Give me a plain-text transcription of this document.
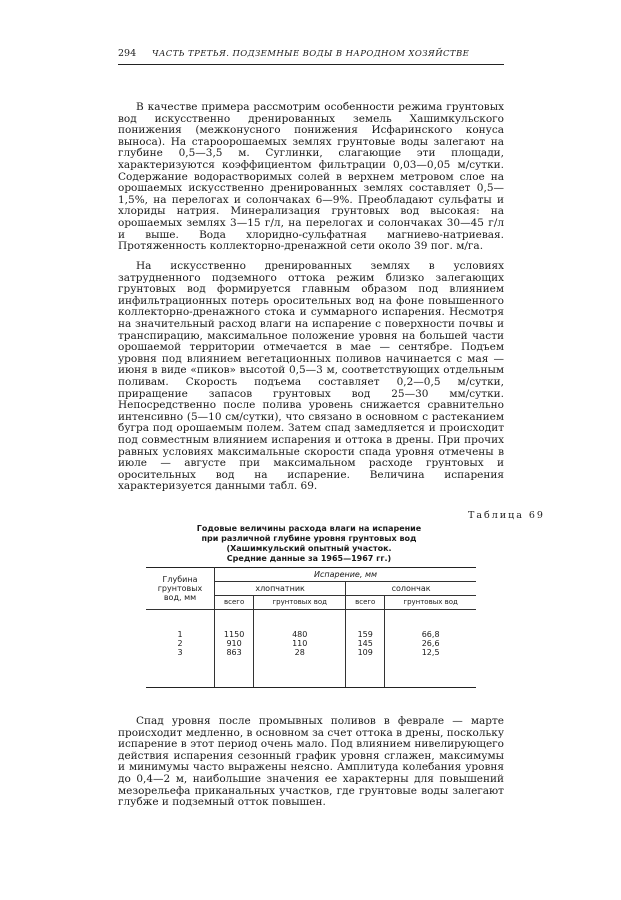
294	ЧАСТЬ ТРЕТЬЯ. ПОДЗЕМНЫЕ ВОДЫ В НАРОДНОМ ХОЗЯЙСТВЕ

В качестве примера рассмотрим особенности режима грунтовых вод искусственно дренированных земель Хашимкульского понижения (межконусного понижения Исфаринского конуса выноса). На староорошаемых землях грунтовые воды залегают на глубине 0,5—3,5 м. Суглинки, слагающие эти площади, характеризуются коэффициентом фильтрации 0,03—0,05 м/сутки. Содержание водорастворимых солей в верхнем метровом слое на орошаемых искусственно дренированных землях составляет 0,5—1,5%, на перелогах и солончаках 6—9%. Преобладают сульфаты и хлориды натрия. Минерализация грунтовых вод высокая: на орошаемых землях 3—15 г/л, на перелогах и солончаках 30—45 г/л и выше. Вода хлоридно-сульфатная магниево-натриевая. Протяженность коллекторно-дренажной сети около 39 пог. м/га.

На искусственно дренированных землях в условиях затрудненного подземного оттока режим близко залегающих грунтовых вод формируется главным образом под влиянием инфильтрационных потерь оросительных вод на фоне повышенного коллекторно-дренажного стока и суммарного испарения. Несмотря на значительный расход влаги на испарение с поверхности почвы и транспирацию, максимальное положение уровня на большей части орошаемой территории отмечается в мае — сентябре. Подъем уровня под влиянием вегетационных поливов начинается с мая — июня в виде «пиков» высотой 0,5—3 м, соответствующих отдельным поливам. Скорость подъема составляет 0,2—0,5 м/сутки, приращение запасов грунтовых вод 25—30 мм/сутки. Непосредственно после полива уровень снижается сравнительно интенсивно (5—10 см/сутки), что связано в основном с растеканием бугра под орошаемым полем. Затем спад замедляется и происходит под совместным влиянием испарения и оттока в дрены. При прочих равных условиях максимальные скорости спада уровня отмечены в июле — августе при максимальном расходе грунтовых и оросительных вод на испарение. Величина испарения характеризуется данными табл. 69.

Таблица 69
Годовые величины расхода влаги на испарение
при различной глубине уровня грунтовых вод
(Хашимкульский опытный участок.
Средние данные за 1965—1967 гг.)
Глубина грунтовых вод, мм	Испарение, мм			
	хлопчатник		солончак	
	всего	грунтовых вод	всего	грунтовых вод
1	1150	480	159	66,8
2	910	110	145	26,6
3	863	28	109	12,5

Спад уровня после промывных поливов в феврале — марте происходит медленно, в основном за счет оттока в дрены, поскольку испарение в этот период очень мало. Под влиянием нивелирующего действия испарения сезонный график уровня сглажен, максимумы и минимумы часто выражены неясно. Амплитуда колебания уровня до 0,4—2 м, наибольшие значения ее характерны для повышений мезорельефа приканальных участков, где грунтовые воды залегают глубже и подземный отток повышен.
